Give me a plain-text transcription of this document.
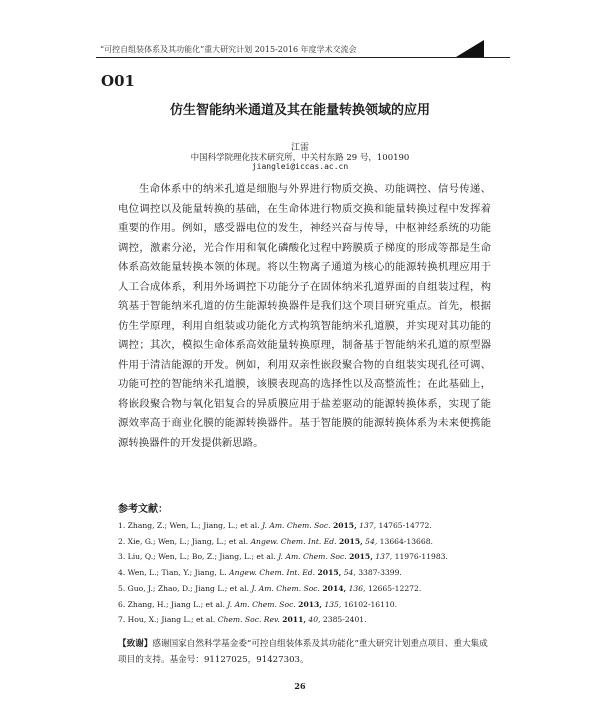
“可控自组装体系及其功能化”重大研究计划 2015-2016 年度学术交流会
O01
仿生智能纳米通道及其在能量转换领域的应用
江雷
中国科学院理化技术研究所，中关村东路 29 号，100190
jianglei@iccas.ac.cn

生命体系中的纳米孔道是细胞与外界进行物质交换、功能调控、信号传递、电位调控以及能量转换的基础，在生命体进行物质交换和能量转换过程中发挥着重要的作用。例如，感受器电位的发生，神经兴奋与传导，中枢神经系统的功能调控，激素分泌，光合作用和氧化磷酸化过程中跨膜质子梯度的形成等都是生命体系高效能量转换本领的体现。将以生物离子通道为核心的能源转换机理应用于人工合成体系，利用外场调控下功能分子在固体纳米孔道界面的自组装过程，构筑基于智能纳米孔道的仿生能源转换器件是我们这个项目研究重点。首先，根据仿生学原理，利用自组装或功能化方式构筑智能纳米孔道膜，并实现对其功能的调控；其次，模拟生命体系高效能量转换原理，制备基于智能纳米孔道的原型器件用于清洁能源的开发。例如，利用双亲性嵌段聚合物的自组装实现孔径可调、功能可控的智能纳米孔道膜，该膜表现高的选择性以及高整流性；在此基础上，将嵌段聚合物与氧化铝复合的异质膜应用于盐差驱动的能源转换体系，实现了能源效率高于商业化膜的能源转换器件。基于智能膜的能源转换体系为未来便携能源转换器件的开发提供新思路。

参考文献：
1. Zhang, Z.; Wen, L.; Jiang, L.; et al. J. Am. Chem. Soc. 2015, 137, 14765-14772.
2. Xie, G.; Wen, L.; Jiang, L.; et al. Angew. Chem. Int. Ed. 2015, 54, 13664-13668.
3. Liu, Q.; Wen, L.; Bo, Z.; Jiang, L.; et al. J. Am. Chem. Soc. 2015, 137, 11976-11983.
4. Wen, L.; Tian, Y.; Jiang, L. Angew. Chem. Int. Ed. 2015, 54, 3387-3399.
5. Guo, J.; Zhao, D.; Jiang L.; et al. J. Am. Chem. Soc. 2014, 136, 12665-12272.
6. Zhang, H.; Jiang L.; et al. J. Am. Chem. Soc. 2013, 135, 16102-16110.
7. Hou, X.; Jiang L.; et al. Chem. Soc. Rev. 2011, 40, 2385-2401.

【致谢】感谢国家自然科学基金委“可控自组装体系及其功能化”重大研究计划重点项目、重大集成项目的支持。基金号：91127025，91427303。

26
